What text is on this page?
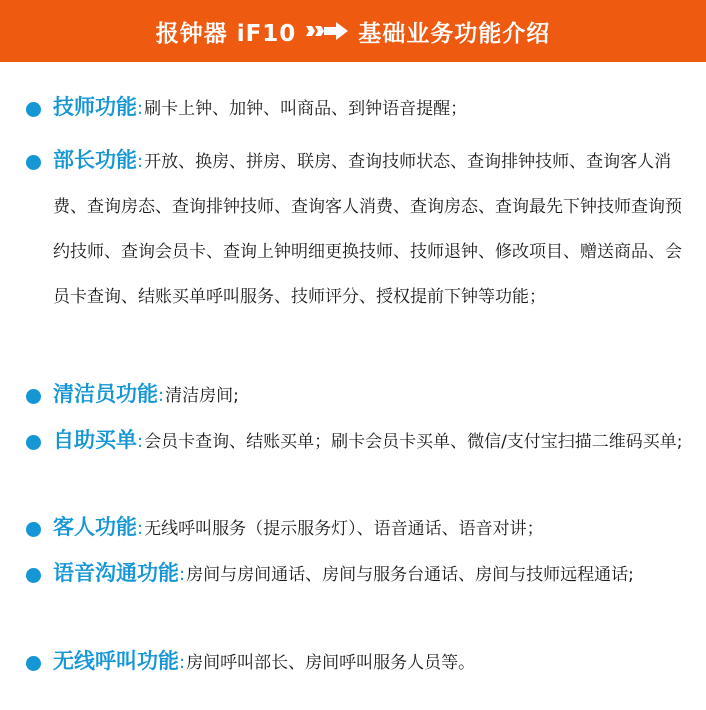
报钟器 iF10	基础业务功能介绍
技师功能:刷卡上钟、加钟、叫商品、到钟语音提醒；
部长功能:开放、换房、拼房、联房、查询技师状态、查询排钟技师、查询客人消费、查询房态、查询排钟技师、查询客人消费、查询房态、查询最先下钟技师查询预约技师、查询会员卡、查询上钟明细更换技师、技师退钟、修改项目、赠送商品、会员卡查询、结账买单呼叫服务、技师评分、授权提前下钟等功能；
清洁员功能:清洁房间;
自助买单:会员卡查询、结账买单；刷卡会员卡买单、微信/支付宝扫描二维码买单;
客人功能:无线呼叫服务（提示服务灯）、语音通话、语音对讲；
语音沟通功能:房间与房间通话、房间与服务台通话、房间与技师远程通话;
无线呼叫功能:房间呼叫部长、房间呼叫服务人员等。
